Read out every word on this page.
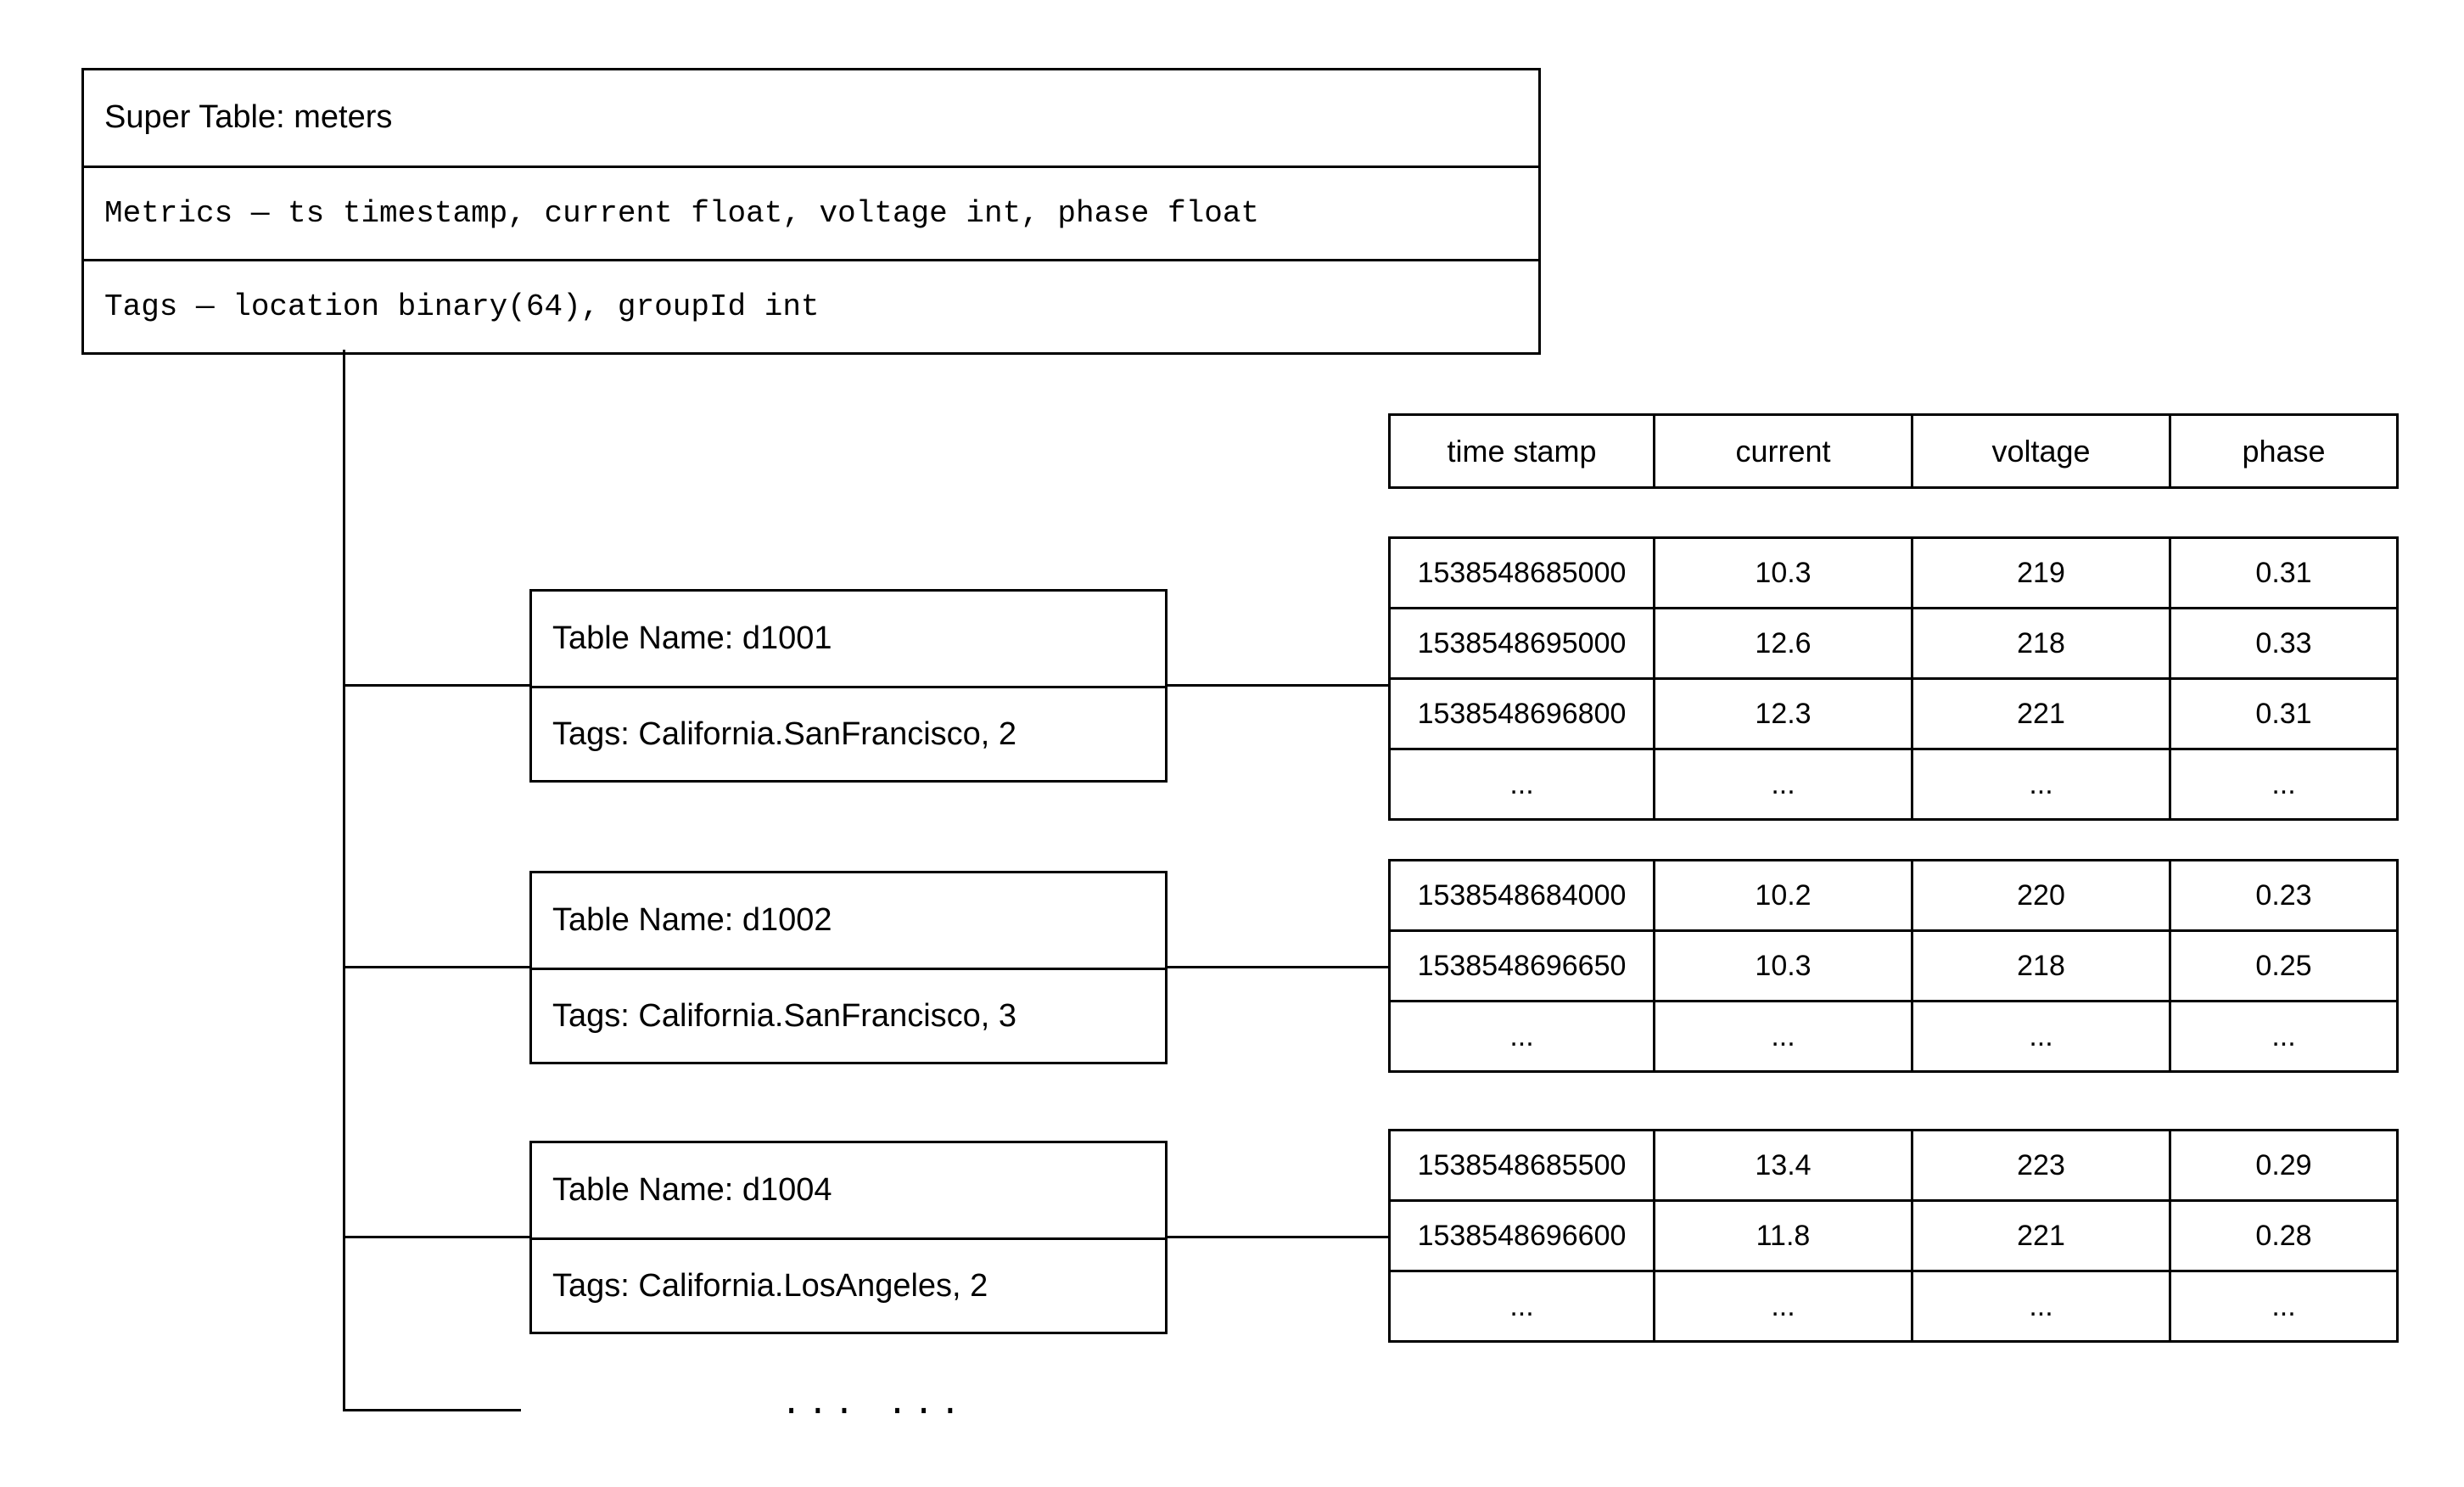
Super Table: meters
Metrics — ts timestamp, current float, voltage int, phase float
Tags — location binary(64), groupId int
Table Name: d1001
Tags: California.SanFrancisco, 2
Table Name: d1002
Tags: California.SanFrancisco, 3
Table Name: d1004
Tags: California.LosAngeles, 2
time stamp	current	voltage	phase
1538548685000	10.3	219	0.31
1538548695000	12.6	218	0.33
1538548696800	12.3	221	0.31
...	...	...	...
1538548684000	10.2	220	0.23
1538548696650	10.3	218	0.25
...	...	...	...
1538548685500	13.4	223	0.29
1538548696600	11.8	221	0.28
...	...	...	...
... ...
